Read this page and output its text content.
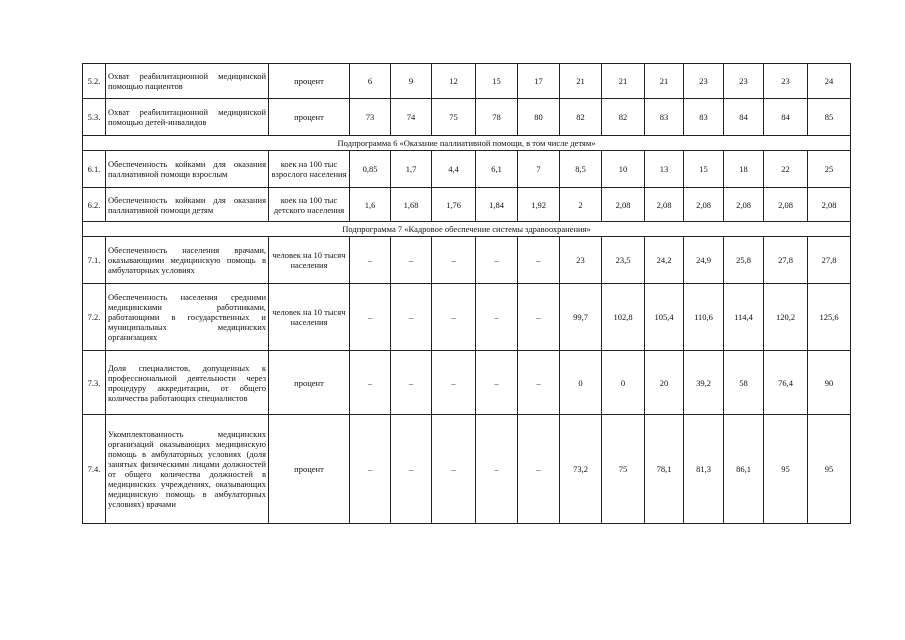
5.2.	Охват реабилитационной медицинской помощью пациентов	процент	6	9	12	15	17	21	21	21	23	23	23	24
5.3.	Охват реабилитационной медицинской помощью детей-инвалидов	процент	73	74	75	78	80	82	82	83	83	84	84	85
Подпрограмма 6 «Оказание паллиативной помощи, в том числе детям»														
6.1.	Обеспеченность койками для оказания паллиативной помощи взрослым	коек на 100 тыс взрослого населения	0,85	1,7	4,4	6,1	7	8,5	10	13	15	18	22	25
6.2.	Обеспеченность койками для оказания паллиативной помощи детям	коек на 100 тыс детского населения	1,6	1,68	1,76	1,84	1,92	2	2,08	2,08	2,08	2,08	2,08	2,08
Подпрограмма 7 «Кадровое обеспечение системы здравоохранения»														
7.1.	Обеспеченность населения врачами, оказывающими медицинскую помощь в амбулаторных условиях	человек на 10 тысяч населения	–	–	–	–	–	23	23,5	24,2	24,9	25,8	27,8	27,8
7.2.	Обеспеченность населения средними медицинскими работниками, работающими в государственных и муниципальных медицинских организациях	человек на 10 тысяч населения	–	–	–	–	–	99,7	102,8	105,4	110,6	114,4	120,2	125,6
7.3.	Доля специалистов, допущенных к профессиональной деятельности через процедуру аккредитации, от общего количества работающих специалистов	процент	–	–	–	–	–	0	0	20	39,2	58	76,4	90
7.4.	Укомплектованность медицинских организаций оказывающих медицинскую помощь в амбулаторных условиях (доля занятых физическими лицами должностей от общего количества должностей в медицинских учреждениях, оказывающих медицинскую помощь в амбулаторных условиях) врачами	процент	–	–	–	–	–	73,2	75	78,1	81,3	86,1	95	95
